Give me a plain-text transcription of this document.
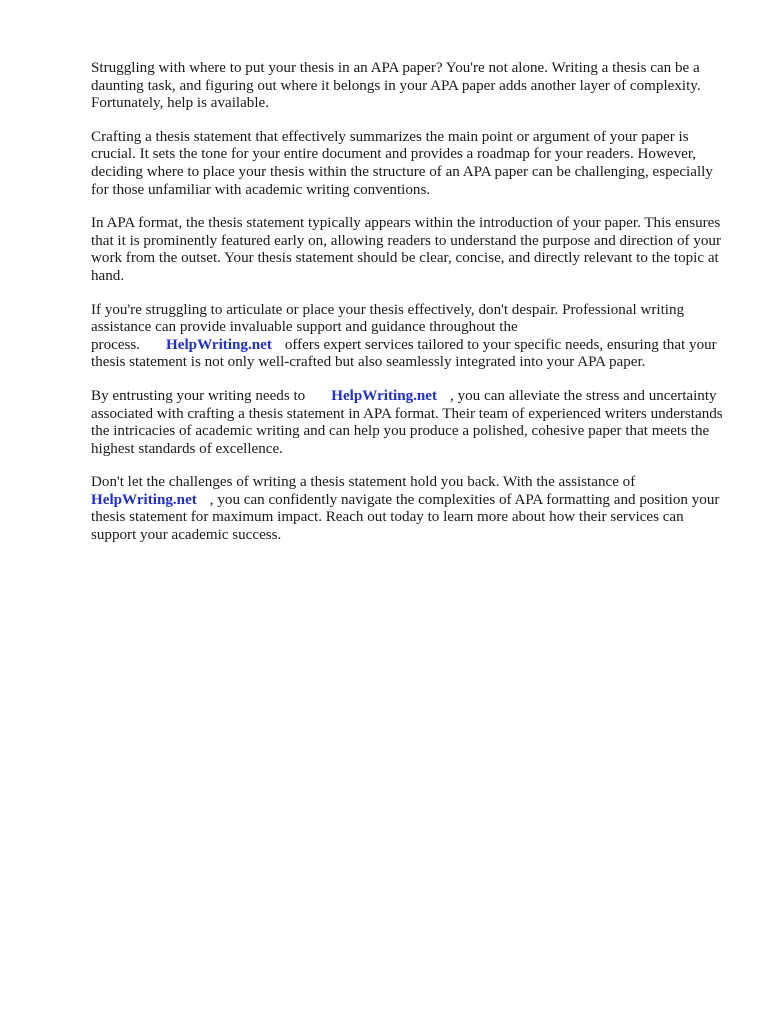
Struggling with where to put your thesis in an APA paper? You're not alone. Writing a thesis can be a daunting task, and figuring out where it belongs in your APA paper adds another layer of complexity. Fortunately, help is available.

Crafting a thesis statement that effectively summarizes the main point or argument of your paper is crucial. It sets the tone for your entire document and provides a roadmap for your readers. However, deciding where to place your thesis within the structure of an APA paper can be challenging, especially for those unfamiliar with academic writing conventions.

In APA format, the thesis statement typically appears within the introduction of your paper. This ensures that it is prominently featured early on, allowing readers to understand the purpose and direction of your work from the outset. Your thesis statement should be clear, concise, and directly relevant to the topic at hand.

If you're struggling to articulate or place your thesis effectively, don't despair. Professional writing assistance can provide invaluable support and guidance throughout the process. HelpWriting.net offers expert services tailored to your specific needs, ensuring that your thesis statement is not only well-crafted but also seamlessly integrated into your APA paper.

By entrusting your writing needs to HelpWriting.net , you can alleviate the stress and uncertainty associated with crafting a thesis statement in APA format. Their team of experienced writers understands the intricacies of academic writing and can help you produce a polished, cohesive paper that meets the highest standards of excellence.

Don't let the challenges of writing a thesis statement hold you back. With the assistance of HelpWriting.net , you can confidently navigate the complexities of APA formatting and position your thesis statement for maximum impact. Reach out today to learn more about how their services can support your academic success.
